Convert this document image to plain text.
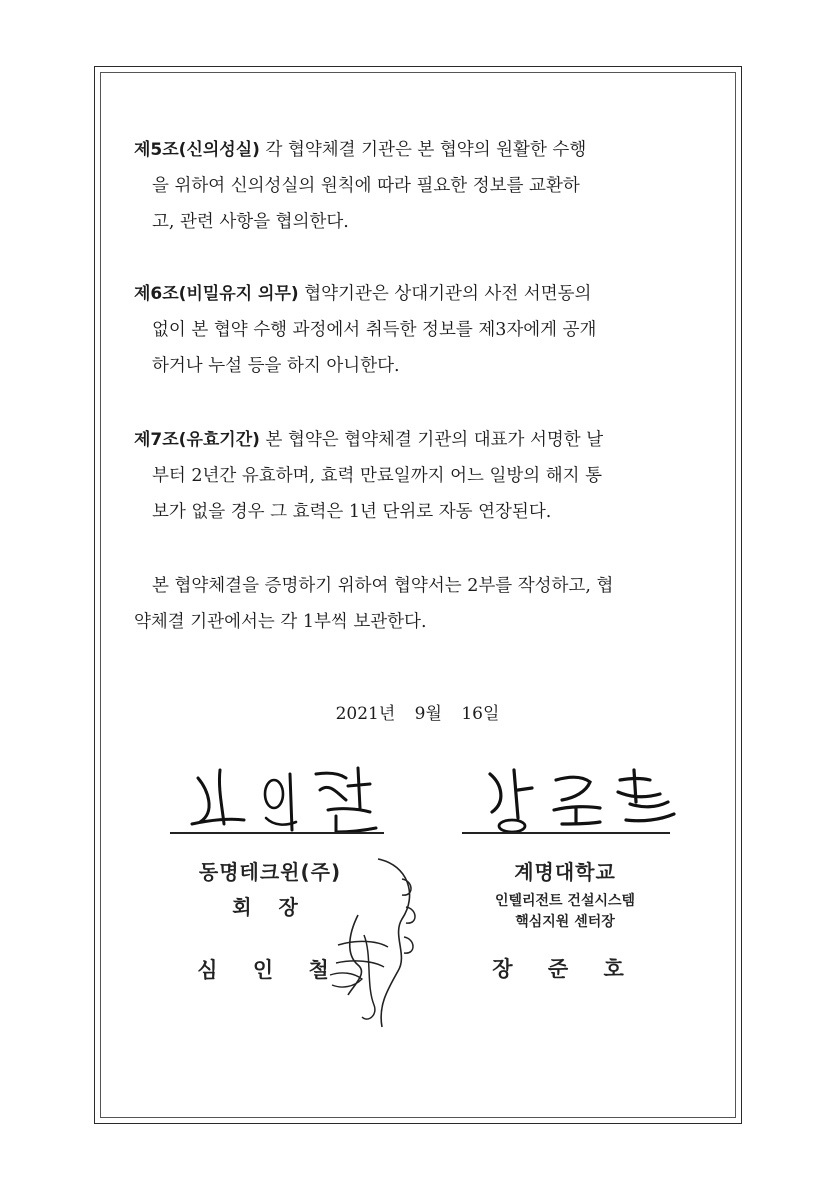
제5조(신의성실) 각 협약체결 기관은 본 협약의 원활한 수행
을 위하여 신의성실의 원칙에 따라 필요한 정보를 교환하
고, 관련 사항을 협의한다.

제6조(비밀유지 의무) 협약기관은 상대기관의 사전 서면동의
없이 본 협약 수행 과정에서 취득한 정보를 제3자에게 공개
하거나 누설 등을 하지 아니한다.

제7조(유효기간) 본 협약은 협약체결 기관의 대표가 서명한 날
부터 2년간 유효하며, 효력 만료일까지 어느 일방의 해지 통
보가 없을 경우 그 효력은 1년 단위로 자동 연장된다.

본 협약체결을 증명하기 위하여 협약서는 2부를 작성하고, 협
약체결 기관에서는 각 1부씩 보관한다.

2021년 9월 16일
동명테크윈(주)
회 장
심 인 철
계명대학교
인텔리전트 건설시스템
핵심지원 센터장
장 준 호
